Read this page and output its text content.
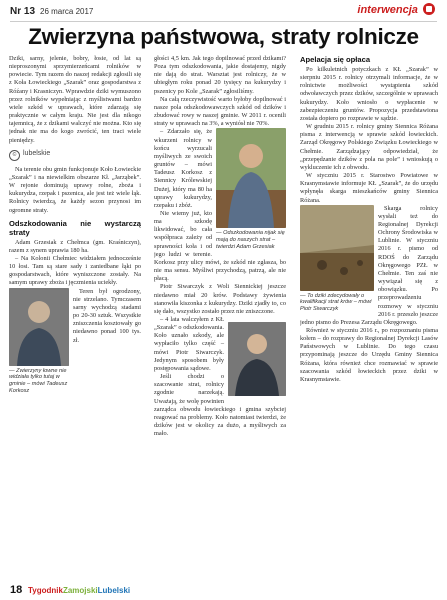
Nr 13 26 marca 2017	interwencja
Zwierzyna państwowa, straty rolnicze

Dziki, sarny, jelenie, bobry, łosie, od lat są nieproszonymi sprzymierzeńcami rolników w powiecie. Tym razem do naszej redakcji zgłosili się z Koła Łowieckiego „Szarak” oraz gospodarstwa z Róźany i Krasniczyn. Wprawdzie dziki wymuszono przez rolników wypełniając z myślistwami bardzo wiele szkód w uprawach, które zdarzają się praktycznie w całym kraju. Nie jest dla nikogo tajemnicą, że z dzikami walczyć nie można. Kto się jednak nie ma do kogo zwrócić, ten traci wiele pieniędzy.

© lubelskie

Na terenie obu gmin funkcjonuje Koło Łowieckie „Szarak” i na niewielkim obszarze Kł. „Jarząbek”. W rejonie dominują uprawy rolne, zboża i kukurydza, rzepak i pszenica, ale jest też wiele łąk. Rolnicy twierdzą, że każdy sezon przynosi im ogromne straty.

Odszkodowania nie wystarczą straty

Adam Grzesiak z Chełmca (gm. Kraśniczyn), razem z synem uprawia 180 ha.

– Na Kolonii Chełmiec widziałem jednocześnie 10 łosi. Tam są stare sady i zaniedbane łąki po gospodarstwach, które wyniszczone zostały. Na samym uprawy zboża i jęczmienia uciekły.

— Zwierzyny łowne nie widziała tylko tutaj w gminie – mówi Tadeusz Korkosz

Teren był ogrodzony, nie strzelano. Tymczasem sarny wychodzą stadami po 20-30 sztuk. Wszystkie zniszczenia kosztowały go niedawno ponad 100 tys. zł.

głości 4,5 km. Jak tego dopilnować przed dzikami? Poza tym odszkodowania, jakie dostajemy, nigdy nie dają do strat. Warsztat jest rolniczy, że w ubiegłym roku ponad 20 tysięcy na kukurydzy i pszenicy po Kole „Szarak” zgłosiliśmy.

Na całą rzeczywistość warto byłoby dopilnować i nasze pola odszkodowawczych szkód od dzików i zbudować rowy w naszej gminie. W 2011 r. ocenili straty w uprawach na 3%, a wyniósł nie 70%.

— Odszkodowania nijak się mają do naszych strat – twierdzi Adam Grzesiak

– Zdarzało się, że wkurzeni rolnicy w końcu wyrzucali myśliwych ze swoich gruntów – mówi Tadeusz Korkosz z Siennicy Królewskiej Dużej, który ma 80 ha uprawy kukurydzy, rzepaku i zbóż.

Nie wiemy już, kto ma szkodę likwidować, bo cała współpraca zależy od sprawności koła i od jego ludzi w terenie. Korkosz przy ulicy mówi, że szkód nie zgłasza, bo nie ma sensu. Myśliwi przychodzą, patrzą, ale nie płacą.

Piotr Siwarczyk z Woli Siennickiej jeszcze niedawno miał 20 krów. Podstawy żywienia stanowiła kiszonka z kukurydzy. Dziki zjadły to, co się dało, wszystko zostało przez nie zniszczone.

– 4 lata walczyłem z KŁ „Szarak” o odszkodowania. Koło uznało szkody, ale wypłaciło tylko część – mówi Piotr Siwarczyk. Jedynym sposobem były postępowania sądowe.

Jeśli chodzi o szacowanie strat, rolnicy zgodnie narzekają. Uważają, że wolę powinien zarządca obwodu łowieckiego i gmina szybciej reagować na problemy. Koło natomiast twierdzi, że dzików jest w okolicy za dużo, a myśliwych za mało.

Apelacja się opłaca

Po kilkuletnich potyczkach z KŁ „Szarak” w sierpniu 2015 r. rolnicy otrzymali informacje, że w rolnictwie możliwości wystąpienia szkód odwoławczych przez dzików, szczególnie w uprawach kukurydzy. Koło wniosło o wypłacenie w zabezpieczeniu gruntów. Propozycja przedstawiona została dopiero po rozprawie w sądzie.

W grudniu 2015 r. rolnicy gminy Siennica Różana pisma z interwencją w sprawie szkód łowieckich. Zarząd Okręgowy Polskiego Związku Łowieckiego w Chełmie. Zarządzający odpowiedział, że „przepędzanie dzików z pola na pole” i wnioskują o wykluczenie ich z obwodu.

W styczniu 2015 r. Starostwo Powiatowe w Krasnymstawie informuje KŁ „Szarak”, że do urzędu wpłynęła skarga mieszkańców gminy Siennica Różana.

— To dziki zdecydowały o kwalifikacji strat krów – mówi Piotr Siwarczyk

Skarga rolnicy wysłali też do Regionalnej Dyrekcji Ochrony Środowiska w Lublinie. W styczniu 2016 r. pismo od RDOŚ do Zarządu Okręgowego PZŁ w Chełmie. Ten zaś nie wywiązał się z obowiązku. Po przeprowadzeniu rozmowy w styczniu 2016 r. przeszło jeszcze jedno pismo do Prezesa Zarządu Okręgowego.

Również w styczniu 2016 r., po rozpoznaniu pisma kołem – do rozprawy do Regionalnej Dyrekcji Lasów Państwowych w Lublinie. Do tego czasu przypominają jeszcze do Urzędu Gminy Siennica Różana, która również chce rozmawiać w sprawie szacowania szkód łowieckich przez dziki w Krasnymstawie.

18 TygodnikZamojskiLubelski
